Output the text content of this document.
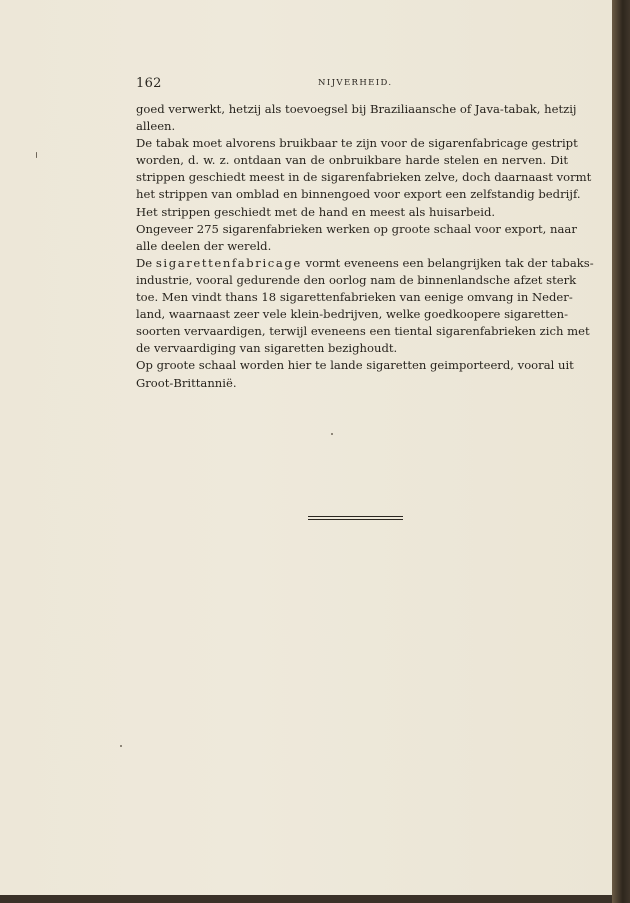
162	NIJVERHEID.
goed verwerkt, hetzij als toevoegsel bij Braziliaansche of Java-tabak, hetzij
alleen.
De tabak moet alvorens bruikbaar te zijn voor de sigarenfabricage gestript
worden, d. w. z. ontdaan van de onbruikbare harde stelen en nerven. Dit
strippen geschiedt meest in de sigarenfabrieken zelve, doch daarnaast vormt
het strippen van omblad en binnengoed voor export een zelfstandig bedrijf.
Het strippen geschiedt met de hand en meest als huisarbeid.
Ongeveer 275 sigarenfabrieken werken op groote schaal voor export, naar
alle deelen der wereld.
De sigarettenfabricage vormt eveneens een belangrijken tak der tabaks-
industrie, vooral gedurende den oorlog nam de binnenlandsche afzet sterk
toe. Men vindt thans 18 sigarettenfabrieken van eenige omvang in Neder-
land, waarnaast zeer vele klein-bedrijven, welke goedkoopere sigaretten-
soorten vervaardigen, terwijl eveneens een tiental sigarenfabrieken zich met
de vervaardiging van sigaretten bezighoudt.
Op groote schaal worden hier te lande sigaretten geimporteerd, vooral uit
Groot-Brittannië.
